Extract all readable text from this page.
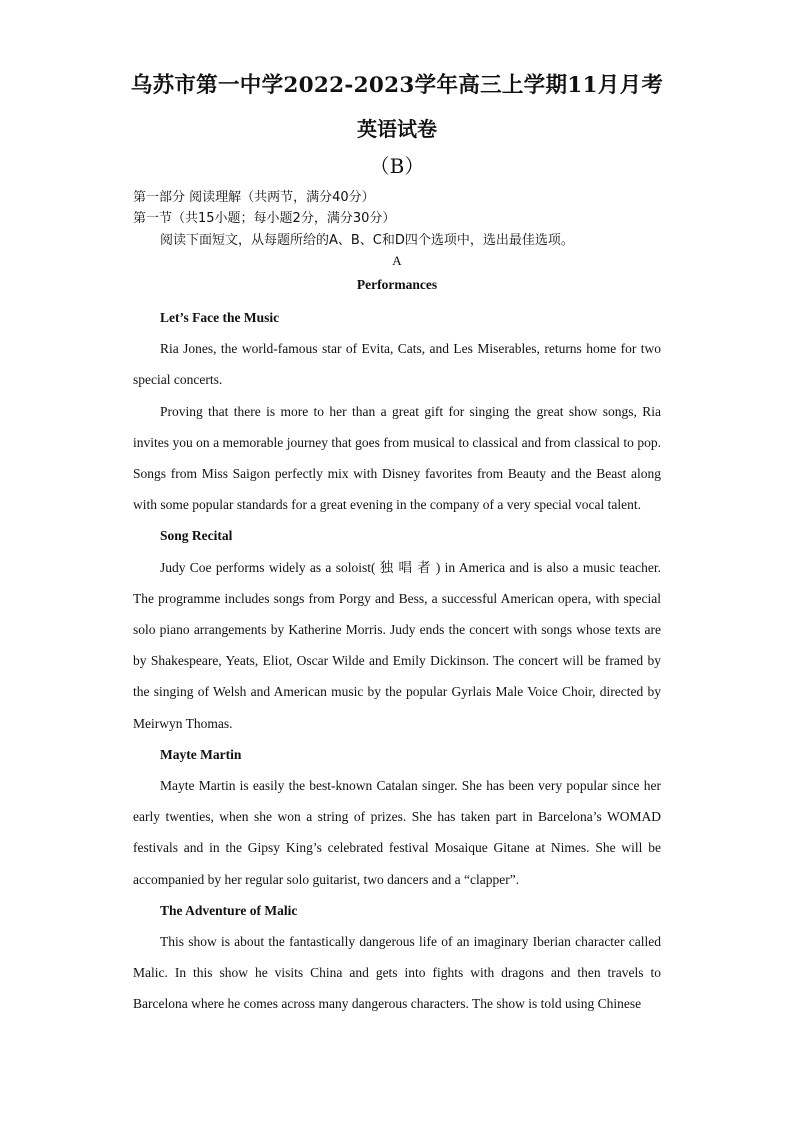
乌苏市第一中学2022-2023学年高三上学期11月月考
英语试卷
（B）
第一部分 阅读理解（共两节，满分40分）
第一节（共15小题；每小题2分，满分30分）
阅读下面短文，从每题所给的A、B、C和D四个选项中，选出最佳选项。
A
Performances
Let’s Face the Music

Ria Jones, the world-famous star of Evita, Cats, and Les Miserables, returns home for two special concerts.

Proving that there is more to her than a great gift for singing the great show songs, Ria invites you on a memorable journey that goes from musical to classical and from classical to pop. Songs from Miss Saigon perfectly mix with Disney favorites from Beauty and the Beast along with some popular standards for a great evening in the company of a very special vocal talent.

Song Recital

Judy Coe performs widely as a soloist( 独 唱 者 ) in America and is also a music teacher. The programme includes songs from Porgy and Bess, a successful American opera, with special solo piano arrangements by Katherine Morris. Judy ends the concert with songs whose texts are by Shakespeare, Yeats, Eliot, Oscar Wilde and Emily Dickinson. The concert will be framed by the singing of Welsh and American music by the popular Gyrlais Male Voice Choir, directed by Meirwyn Thomas.

Mayte Martin

Mayte Martin is easily the best-known Catalan singer. She has been very popular since her early twenties, when she won a string of prizes. She has taken part in Barcelona’s WOMAD festivals and in the Gipsy King’s celebrated festival Mosaique Gitane at Nimes. She will be accompanied by her regular solo guitarist, two dancers and a “clapper”.

The Adventure of Malic

This show is about the fantastically dangerous life of an imaginary Iberian character called Malic. In this show he visits China and gets into fights with dragons and then travels to Barcelona where he comes across many dangerous characters. The show is told using Chinese
